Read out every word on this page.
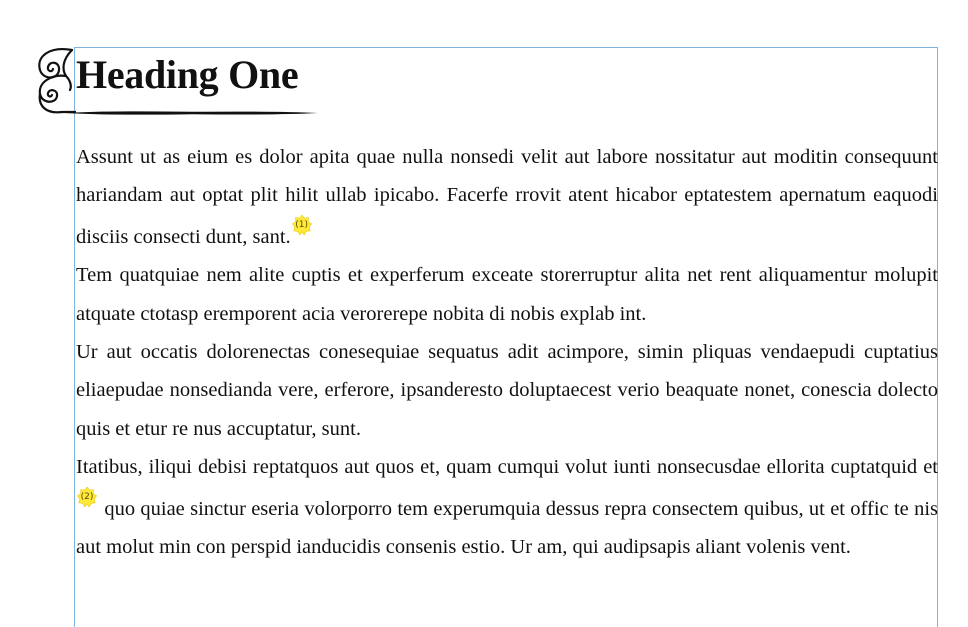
Heading One

Assunt ut as eium es dolor apita quae nulla nonsedi velit aut labore nossitatur aut moditin consequunt hariandam aut optat plit hilit ullab ipicabo. Facerfe rrovit atent hicabor eptatestem apernatum eaquodi disciis consecti dunt, sant.
(1)

Tem quatquiae nem alite cuptis et experferum exceate storerruptur alita net rent aliquamentur molupit atquate ctotasp eremporent acia verorerepe nobita di nobis explab int.

Ur aut occatis dolorenectas conesequiae sequatus adit acimpore, simin pliquas vendaepudi cuptatius eliaepudae nonsedianda vere, erferore, ipsanderesto doluptaecest verio beaquate nonet, conescia dolecto quis et etur re nus accuptatur, sunt.

Itatibus, iliqui debisi reptatquos aut quos et, quam cumqui volut iunti nonsecusdae ellorita cuptatquid et
(2)
quo quiae sinctur eseria volorporro tem experumquia dessus repra consectem quibus, ut et offic te nis aut molut min con perspid ianducidis consenis estio. Ur am, qui audipsapis aliant volenis vent.
